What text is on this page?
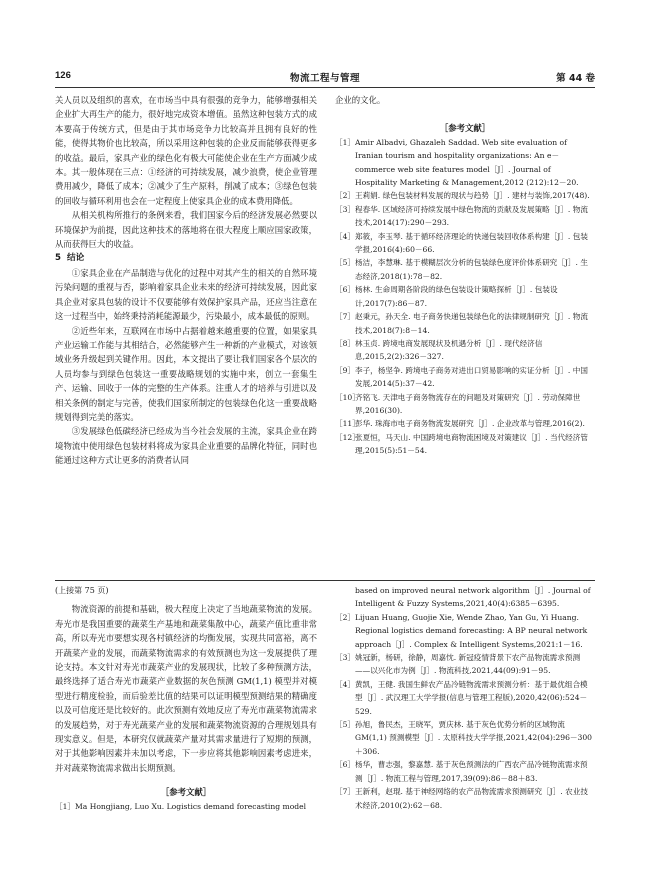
126	物流工程与管理	第 44 卷

关人员以及组织的喜欢，在市场当中具有很强的竞争力，能够增强相关企业扩大再生产的能力，很好地完成资本增值。虽然这种包装方式的成本要高于传统方式，但是由于其市场竞争力比较高并且拥有良好的性能，使得其物价也比较高，所以采用这种包装的企业反而能够获得更多的收益。最后，家具产业的绿色化有极大可能使企业在生产方面减少成本。其一般体现在三点：①经济的可持续发展，减少浪费，使企业管理费用减少，降低了成本；②减少了生产原料，削减了成本；③绿色包装的回收与循环利用也会在一定程度上使家具企业的成本费用降低。

从相关机构所推行的条例来看，我们国家今后的经济发展必然要以环境保护为前提，因此这种技术的落地将在很大程度上顺应国家政策，从而获得巨大的收益。

5 结论

①家具企业在产品制造与优化的过程中对其产生的相关的自然环境污染问题的重视与否，影响着家具企业未来的经济可持续发展，因此家具企业对家具包装的设计不仅要能够有效保护家具产品，还应当注意在这一过程当中，始终秉持消耗能源最少，污染最小，成本最低的原则。

②近些年来，互联网在市场中占据着越来越重要的位置，如果家具产业运输工作能与其相结合，必然能够产生一种新的产业模式，对该领域业务升级起到关键作用。因此，本文提出了要让我们国家各个层次的人员均参与到绿色包装这一重要战略规划的实施中来，创立一套集生产、运输、回收于一体的完整的生产体系。注重人才的培养与引进以及相关条例的制定与完善，使我们国家所制定的包装绿色化这一重要战略规划得到完美的落实。

③发展绿色低碳经济已经成为当今社会发展的主流，家具企业在跨境物流中使用绿色包装材料将成为家具企业重要的品牌化特征，同时也能通过这种方式让更多的消费者认同

企业的文化。

［参考文献］

［1］ Amir Albadvi, Ghazaleh Saddad. Web site evaluation of Iranian tourism and hospitality organizations: An e－commerce web site features model［J］. Journal of Hospitality Marketing & Management,2012 (212):12－20.
［2］ 王莉娟. 绿色包装材料发展的现状与趋势［J］. 建材与装饰,2017(48).
［3］ 程春华. 区域经济可持续发展中绿色物流的贡献及发展策略［J］. 物流技术,2014(17):290－293.
［4］ 郑筱，李玉琴. 基于循环经济理论的快递包装回收体系构建［J］. 包装学报,2016(4):60－66.
［5］ 杨洁，李慧琳. 基于模糊层次分析的包装绿色度评价体系研究［J］. 生态经济,2018(1):78－82.
［6］ 杨林. 生命周期各阶段的绿色包装设计策略探析［J］. 包装设计,2017(7):86－87.
［7］ 赵秉元，孙天全. 电子商务快递包装绿色化的法律规制研究［J］. 物流技术,2018(7):8－14.
［8］ 林玉贞. 跨境电商发展现状及机遇分析［J］. 现代经济信息,2015,2(2):326－327.
［9］ 李子，杨坚争. 跨境电子商务对进出口贸易影响的实证分析［J］. 中国发展,2014(5):37－42.
［10］
齐铭飞. 天津电子商务物流存在的问题及对策研究［J］. 劳动保障世界,2016(30).
［11］
彭华. 珠海市电子商务物流发展研究［J］. 企业改革与管理,2016(2).
［12］
张夏恒，马天山. 中国跨境电商物流困境及对策建议［J］. 当代经济管理,2015(5):51－54.

(上接第 75 页)

物流资源的前提和基础，极大程度上决定了当地蔬菜物流的发展。寿光市是我国重要的蔬菜生产基地和蔬菜集散中心，蔬菜产值比重非常高，所以寿光市要想实现各村镇经济的均衡发展，实现共同富裕，离不开蔬菜产业的发展，而蔬菜物流需求的有效预测也为这一发展提供了理论支持。本文针对寿光市蔬菜产业的发展现状，比较了多种预测方法，最终选择了适合寿光市蔬菜产业数据的灰色预测 GM(1,1) 模型并对模型进行精度检验，而后验差比值的结果可以证明模型预测结果的精确度以及可信度还是比较好的。此次预测有效地反应了寿光市蔬菜物流需求的发展趋势，对于寿光蔬菜产业的发展和蔬菜物流资源的合理规划具有现实意义。但是，本研究仅就蔬菜产量对其需求量进行了短期的预测，对于其他影响因素并未加以考虑，下一步应将其他影响因素考虑进来，并对蔬菜物流需求做出长期预测。

［参考文献］

［1］ Ma Hongjiang, Luo Xu. Logistics demand forecasting model
based on improved neural network algorithm［J］. Journal of Intelligent & Fuzzy Systems,2021,40(4):6385－6395.
［2］ Lijuan Huang, Guojie Xie, Wende Zhao, Yan Gu, Yi Huang. Regional logistics demand forecasting: A BP neural network approach［J］. Complex & Intelligent Systems,2021:1－16.
［3］ 姚冠新，杨研，徐静，周嘉忱. 新冠疫情背景下农产品物流需求预测——以兴化市为例［J］. 物流科技,2021,44(09):91－95.
［4］ 黄凯，王健. 我国生鲜农产品冷链物流需求预测分析：基于最优组合模型［J］. 武汉理工大学学报(信息与管理工程版),2020,42(06):524－529.
［5］ 孙旭，鲁民杰，王晓军，贾庆林. 基于灰色优势分析的区域物流 GM(1,1) 预测模型［J］. 太原科技大学学报,2021,42(04):296－300＋306.
［6］ 杨华，曹志强，黎嘉慧. 基于灰色预测法的广西农产品冷链物流需求预测［J］. 物流工程与管理,2017,39(09):86－88＋83.
［7］ 王新利，赵琨. 基于神经网络的农产品物流需求预测研究［J］. 农业技术经济,2010(2):62－68.
